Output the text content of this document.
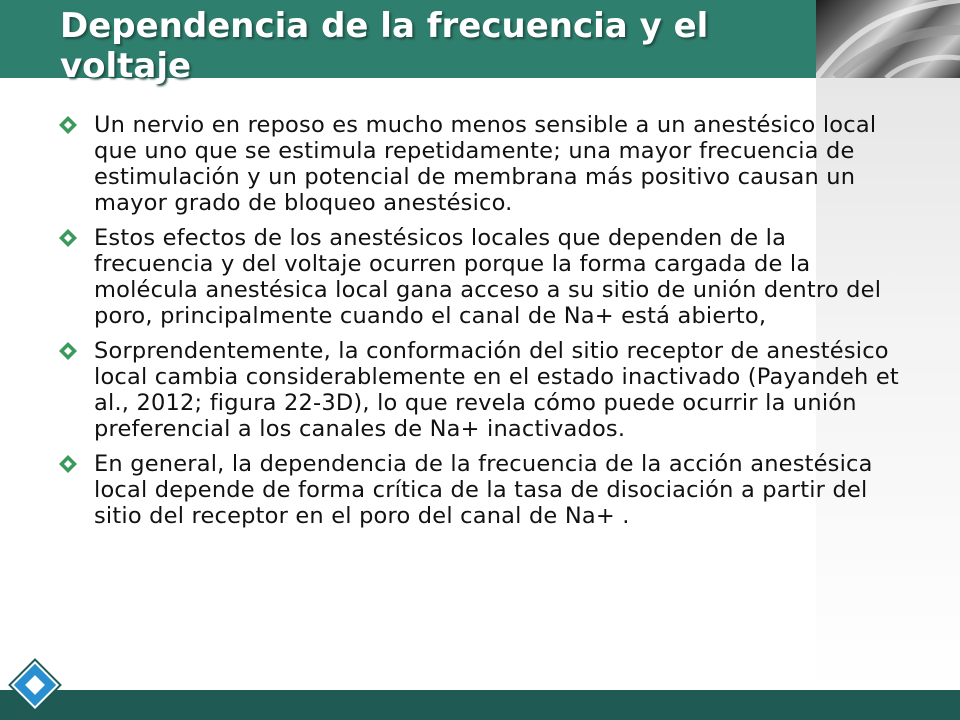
Dependencia de la frecuencia y el voltaje
Un nervio en reposo es mucho menos sensible a un anestésico local que uno que se estimula repetidamente; una mayor frecuencia de estimulación y un potencial de membrana más positivo causan un mayor grado de bloqueo anestésico.
Estos efectos de los anestésicos locales que dependen de la frecuencia y del voltaje ocurren porque la forma cargada de la molécula anestésica local gana acceso a su sitio de unión dentro del poro, principalmente cuando el canal de Na+ está abierto,
Sorprendentemente, la conformación del sitio receptor de anestésico local cambia considerablemente en el estado inactivado (Payandeh et al., 2012; figura 22-3D), lo que revela cómo puede ocurrir la unión preferencial a los canales de Na+ inactivados.
En general, la dependencia de la frecuencia de la acción anestésica local depende de forma crítica de la tasa de disociación a partir del sitio del receptor en el poro del canal de Na+ .
